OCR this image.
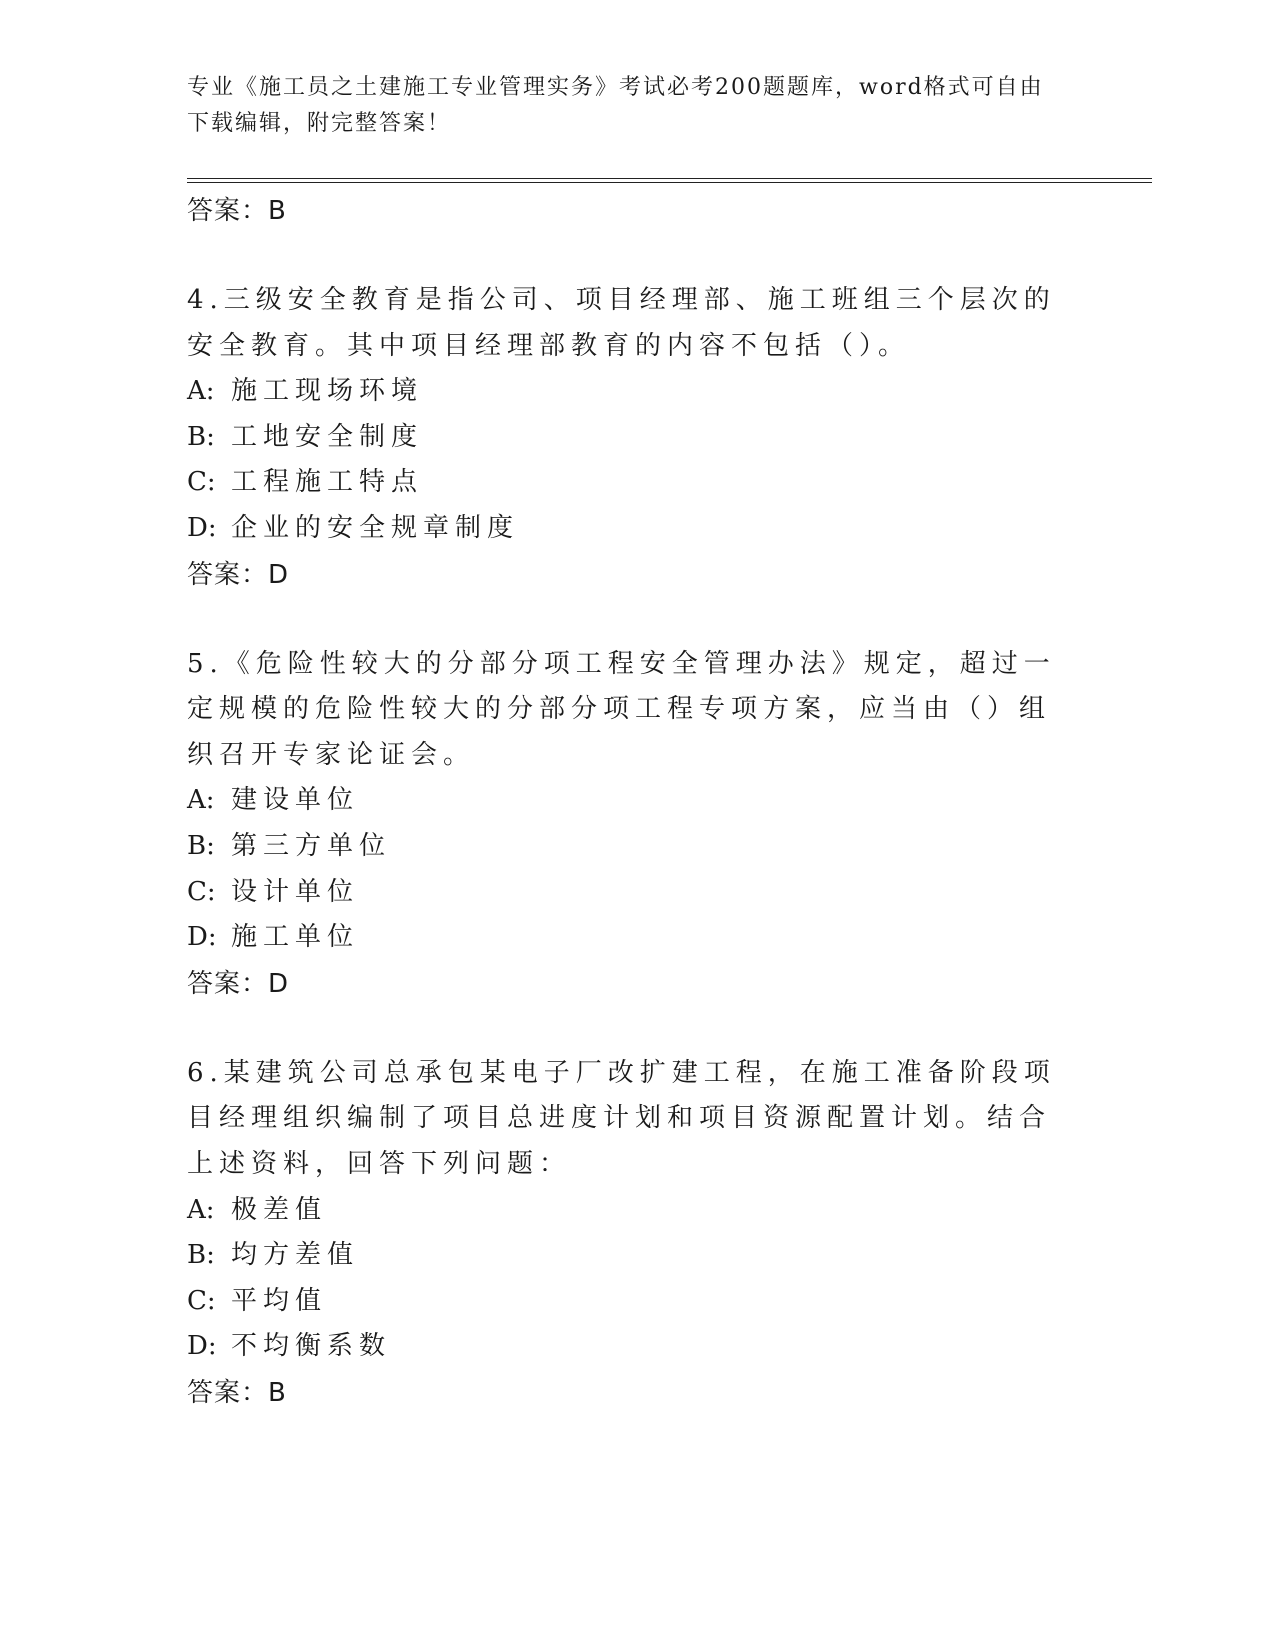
专业《施工员之土建施工专业管理实务》考试必考200题题库，word格式可自由下载编辑，附完整答案！
答案：B
4.三级安全教育是指公司、项目经理部、施工班组三个层次的安全教育。其中项目经理部教育的内容不包括（）。
A: 施工现场环境
B: 工地安全制度
C: 工程施工特点
D: 企业的安全规章制度
答案：D
5.《危险性较大的分部分项工程安全管理办法》规定，超过一定规模的危险性较大的分部分项工程专项方案，应当由（）组织召开专家论证会。
A: 建设单位
B: 第三方单位
C: 设计单位
D: 施工单位
答案：D
6.某建筑公司总承包某电子厂改扩建工程，在施工准备阶段项目经理组织编制了项目总进度计划和项目资源配置计划。结合上述资料，回答下列问题：
A: 极差值
B: 均方差值
C: 平均值
D: 不均衡系数
答案：B
